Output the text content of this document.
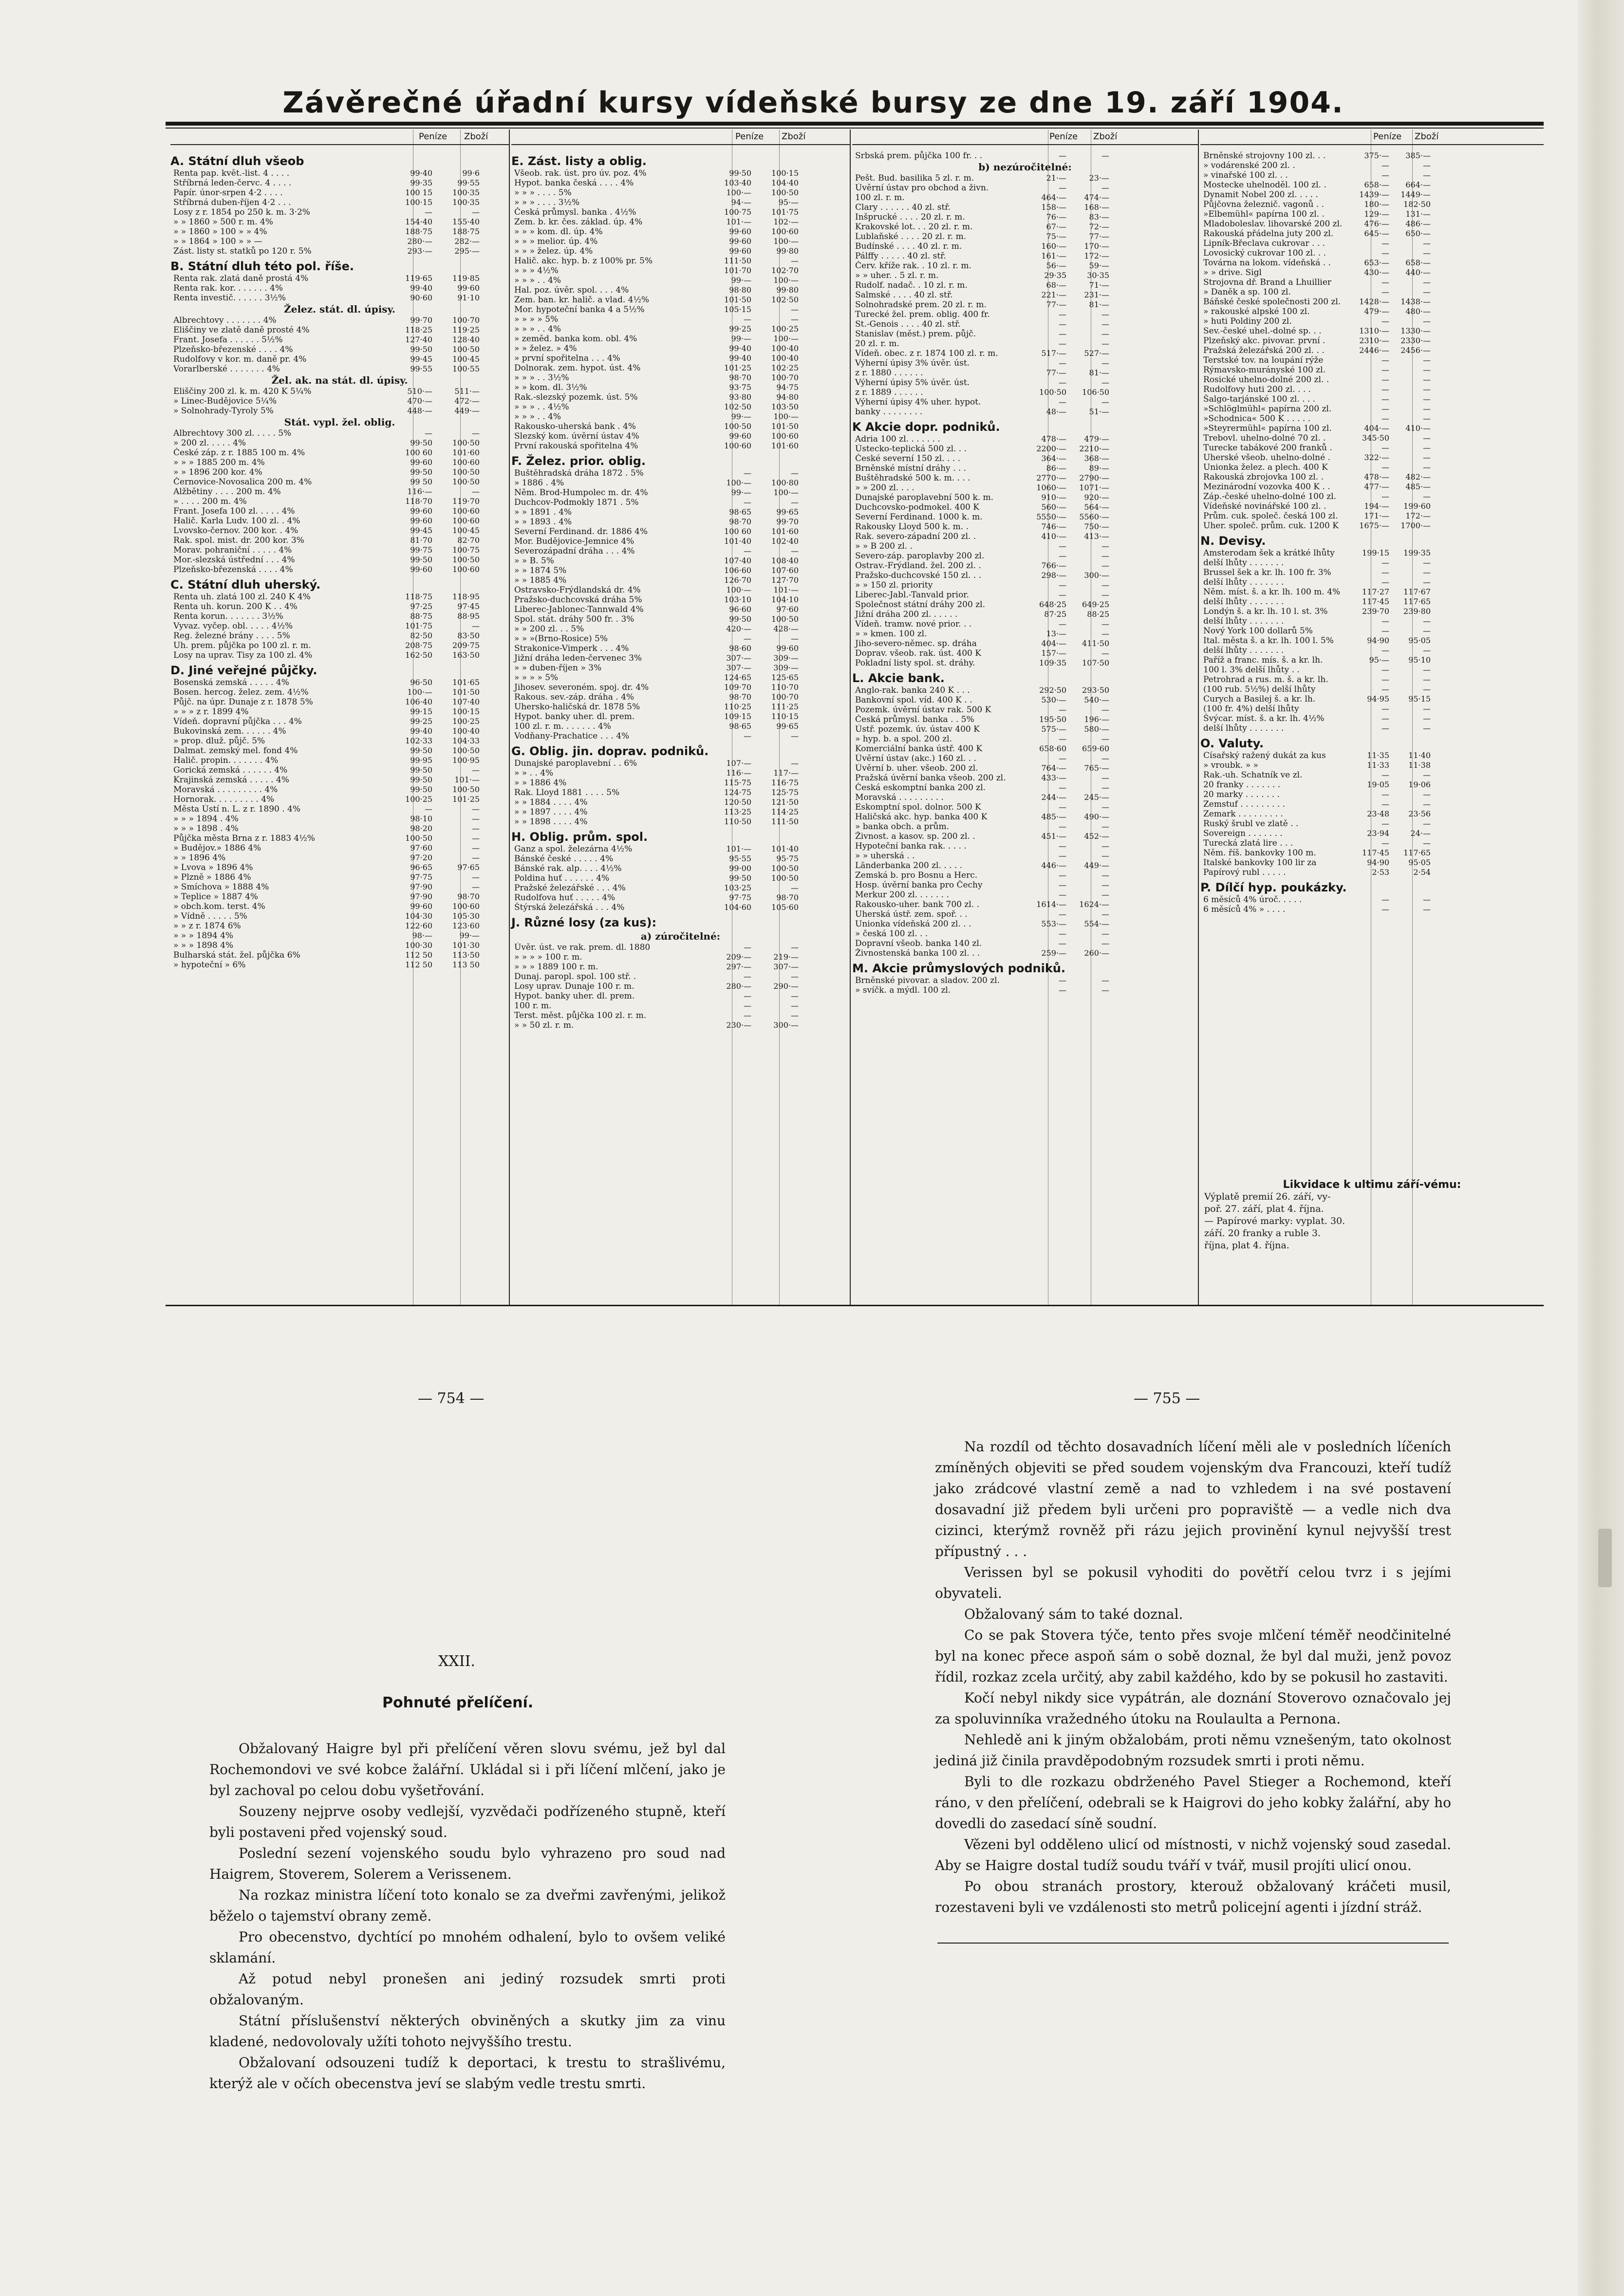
Závěrečné úřadní kursy vídeňské bursy ze dne 19. září 1904.
Peníze Zboží
A. Státní dluh všeob
Renta pap. květ.-list. 4 . . . .	99·40	99·6
Stříbrná leden-červc. 4 . . . .	99·35	99·55
Papír. únor-srpen 4·2 . . . .	100 15	100·35
Stříbrná duben-říjen 4·2 . . .	100·15	100·35
Losy z r. 1854 po 250 k. m. 3·2%	—	—
» » 1860 » 500 r. m. 4%	154·40	155·40
» » 1860 » 100 » » 4%	188·75	188·75
» » 1864 » 100 » » —	280·—	282·—
Zást. listy st. statků po 120 r. 5%	293·—	295·—
B. Státní dluh této pol. říše.
Renta rak. zlatá daně prostá 4%	119·65	119·85
Renta rak. kor. . . . . . . 4%	99·40	99·60
Renta investič. . . . . . 3½%	90·60	91·10
Želez. stát. dl. úpisy.
Albrechtovy . . . . . . . 4%	99·70	100·70
Eliščiny ve zlatě daně prosté 4%	118·25	119·25
Frant. Josefa . . . . . . 5½%	127·40	128·40
Plzeňsko-březenské . . . . 4%	99·50	100·50
Rudolfovy v kor. m. daně pr. 4%	99·45	100·45
Vorarlberské . . . . . . . 4%	99·55	100·55
Žel. ak. na stát. dl. úpisy.
Eliščiny 200 zl. k. m. 420 K 5¼%	510·—	511·—
» Linec-Budějovice 5¼%	470·—	472·—
» Solnohrady-Tyroly 5%	448·—	449·—
Stát. vypl. žel. oblig.
Albrechtovy 300 zl. . . . . 5%	—	—
» 200 zl. . . . . 4%	99·50	100·50
České záp. z r. 1885 100 m. 4%	100 60	101·60
» » » 1885 200 m. 4%	99·60	100·60
» » 1896 200 kor. 4%	99·50	100·50
Černovice-Novosalica 200 m. 4%	99 50	100·50
Alžbětiny . . . . 200 m. 4%	116·—	—
» . . . . 200 m. 4%	118·70	119·70
Frant. Josefa 100 zl. . . . . 4%	99·60	100·60
Halič. Karla Ludv. 100 zl. . 4%	99·60	100·60
Lvovsko-černov. 200 kor. . 4%	99·45	100·45
Rak. spol. mist. dr. 200 kor. 3%	81·70	82·70
Morav. pohraniční . . . . . 4%	99·75	100·75
Mor.-slezská ústřední . . . 4%	99·50	100·50
Plzeňsko-březenská . . . . 4%	99·60	100·60
C. Státní dluh uherský.
Renta uh. zlatá 100 zl. 240 K 4%	118·75	118·95
Renta uh. korun. 200 K . . 4%	97·25	97·45
Renta korun. . . . . . . 3½%	88·75	88·95
Vyvaz. vyčep. obl. . . . . 4½%	101·75	—
Reg. železné brány . . . . 5%	82·50	83·50
Uh. prem. půjčka po 100 zl. r. m.	208·75	209·75
Losy na uprav. Tisy za 100 zl. 4%	162·50	163·50
D. Jiné veřejné půjčky.
Bosenská zemská . . . . . 4%	96·50	101·65
Bosen. hercog. želez. zem. 4½%	100·—	101·50
Půjč. na úpr. Dunaje z r. 1878 5%	106·40	107·40
» » » z r. 1899 4%	99·15	100·15
Vídeň. dopravní půjčka . . . 4%	99·25	100·25
Bukovinská zem. . . . . . 4%	99·40	100·40
» prop. dluž. půjč. 5%	102·33	104·33
Dalmat. zemský mel. fond 4%	99·50	100·50
Halič. propin. . . . . . . 4%	99·95	100·95
Gorická zemská . . . . . . 4%	99·50	—
Krajinská zemská . . . . . 4%	99·50	101·—
Moravská . . . . . . . . . 4%	99·50	100·50
Hornorak. . . . . . . . . 4%	100·25	101·25
Města Ústí n. L. z r. 1890 . 4%	—	—
» » » 1894 . 4%	98·10	—
» » » 1898 . 4%	98·20	—
Půjčka města Brna z r. 1883 4½%	100·50	—
» Budějov.» 1886 4%	97·60	—
» » 1896 4%	97·20	—
» Lvova » 1896 4%	96·65	97·65
» Plzně » 1886 4%	97·75	—
» Smíchova » 1888 4%	97·90	—
» Teplice » 1887 4%	97·90	98·70
» obch.kom. terst. 4%	99·60	100·60
» Vídně . . . . . 5%	104·30	105·30
» » z r. 1874 6%	122·60	123·60
» » » 1894 4%	98·—	99·—
» » » 1898 4%	100·30	101·30
Bulharská stát. žel. půjčka 6%	112 50	113·50
» hypoteční » 6%	112 50	113 50
Peníze Zboží
E. Zást. listy a oblig.
Všeob. rak. úst. pro úv. poz. 4%	99·50	100·15
Hypot. banka česká . . . . 4%	103·40	104·40
» » » . . . . 5%	100·—	100·50
» » » . . . . 3½%	94·—	95·—
Česká průmysl. banka . 4½%	100·75	101·75
Zem. b. kr. čes. základ. úp. 4%	101·—	102·—
» » » kom. dl. úp. 4%	99·60	100·60
» » » melior. úp. 4%	99·60	100·—
» » » želez. úp. 4%	99·60	99·80
Halič. akc. hyp. b. z 100% pr. 5%	111·50	—
» » » 4½%	101·70	102·70
» » » . . 4%	99·—	100·—
Hal. poz. úvěr. spol. . . . 4%	98·80	99·80
Zem. ban. kr. halič. a vlad. 4½%	101·50	102·50
Mor. hypoteční banka 4 a 5½%	105·15	—
» » » » 5%	—	—
» » » . . 4%	99·25	100·25
» zeměd. banka kom. obl. 4%	99·—	100·—
» » želez. » 4%	99·40	100·40
» první spořitelna . . . 4%	99·40	100·40
Dolnorak. zem. hypot. úst. 4%	101·25	102·25
» » » . . 3½%	98·70	100·70
» » kom. dl. 3½%	93·75	94·75
Rak.-slezský pozemk. úst. 5%	93·80	94·80
» » » . . 4½%	102·50	103·50
» » » . . 4%	99·—	100·—
Rakousko-uherská bank . 4%	100·50	101·50
Slezský kom. úvěrní ústav 4%	99·60	100·60
První rakouská spořitelna 4%	100·60	101·60
F. Želez. prior. oblig.
Buštěhradská dráha 1872 . 5%	—	—
» 1886 . 4%	100·—	100·80
Něm. Brod-Humpolec m. dr. 4%	99·—	100·—
Duchcov-Podmokly 1871 . 5%	—	—
» » 1891 . 4%	98·65	99·65
» » 1893 . 4%	98·70	99·70
Severní Ferdinand. dr. 1886 4%	100 60	101·60
Mor. Budějovice-Jemnice 4%	101·40	102·40
Severozápadní dráha . . . 4%	—	—
» » B. 5%	107·40	108·40
» » 1874 5%	106·60	107·60
» » 1885 4%	126·70	127·70
Ostravsko-Frýdlandská dr. 4%	100·—	101·—
Pražsko-duchcovská dráha 5%	103·10	104·10
Liberec-Jablonec-Tannwald 4%	96·60	97·60
Spol. stát. dráhy 500 fr. . 3%	99·50	100·50
» » 200 zl. . . 5%	420·—	428·—
» » »(Brno-Rosice) 5%	—	—
Strakonice-Vimperk . . . 4%	98·60	99·60
Jižní dráha leden-červenec 3%	307·—	309·—
» » duben-říjen » 3%	307·—	309·—
» » » » 5%	124·65	125·65
Jihosev. severoném. spoj. dr. 4%	109·70	110·70
Rakous. sev.-záp. dráha . 4%	98·70	100·70
Uhersko-haličská dr. 1878 5%	110·25	111·25
Hypot. banky uher. dl. prem.	109·15	110·15
100 zl. r. m. . . . . . . 4%	98·65	99·65
Vodňany-Prachatice . . . 4%	—	—
G. Oblig. jin. doprav. podniků.
Dunajské paroplavební . . 6%	107·—	—
» » . . 4%	116·—	117·—
» » 1886 4%	115·75	116·75
Rak. Lloyd 1881 . . . . 5%	124·75	125·75
» » 1884 . . . . 4%	120·50	121·50
» » 1897 . . . . 4%	113·25	114·25
» » 1898 . . . . 4%	110·50	111·50
H. Oblig. prům. spol.
Ganz a spol. železárna 4½%	101·—	101·40
Bánské české . . . . . 4%	95·55	95·75
Bánské rak. alp. . . . 4½%	99·00	100·50
Poldina huť . . . . . . 4%	99·50	100·50
Pražské železářské . . . 4%	103·25	—
Rudolfova huť . . . . . 4%	97·75	98·70
Štýrská železářská . . . 4%	104·60	105·60
J. Různé losy (za kus):
a) zúročitelné:
Úvěr. úst. ve rak. prem. dl. 1880	—	—
» » » » 100 r. m.	209·—	219·—
» » » 1889 100 r. m.	297·—	307·—
Dunaj. paropl. spol. 100 stř. .	—	—
Losy uprav. Dunaje 100 r. m.	280·—	290·—
Hypot. banky uher. dl. prem.	—	—
100 r. m.	—	—
Terst. měst. půjčka 100 zl. r. m.	—	—
» » 50 zl. r. m.	230·—	300·—
Peníze Zboží
Srbská prem. půjčka 100 fr. . .	—	—
b) nezúročitelné:
Pešt. Bud. basilika 5 zl. r. m.	21·—	23·—
Úvěrní ústav pro obchod a živn.	—	—
100 zl. r. m.	464·—	474·—
Clary . . . . . . 40 zl. stř.	158·—	168·—
Inšprucké . . . . 20 zl. r. m.	76·—	83·—
Krakovské lot. . . 20 zl. r. m.	67·—	72·—
Lublaňské . . . . 20 zl. r. m.	75·—	77·—
Budínské . . . . 40 zl. r. m.	160·—	170·—
Pálffy . . . . . 40 zl. stř.	161·—	172·—
Červ. kříže rak. . 10 zl. r. m.	56·—	59·—
» » uher. . 5 zl. r. m.	29·35	30·35
Rudolf. nadač. . 10 zl. r. m.	68·—	71·—
Salmské . . . . 40 zl. stř.	221·—	231·—
Solnohradské prem. 20 zl. r. m.	77·—	81·—
Turecké žel. prem. oblig. 400 fr.	—	—
St.-Genois . . . . 40 zl. stř.	—	—
Stanislav (měst.) prem. půjč.	—	—
20 zl. r. m.	—	—
Vídeň. obec. z r. 1874 100 zl. r. m.	517·—	527·—
Výherní úpisy 3% úvěr. úst.	—	—
z r. 1880 . . . . . .	77·—	81·—
Výherní úpisy 5% úvěr. úst.	—	—
z r. 1889 . . . . . .	100·50	106·50
Výherní úpisy 4% uher. hypot.	—	—
banky . . . . . . . .	48·—	51·—
K Akcie dopr. podniků.
Adria 100 zl. . . . . . .	478·—	479·—
Ústecko-teplická 500 zl. . .	2200·—	2210·—
České severní 150 zl. . . .	364·—	368·—
Brněnské místní dráhy . . .	86·—	89·—
Buštěhradské 500 k. m. . . .	2770·—	2790·—
» » 200 zl. . . .	1060·—	1071·—
Dunajské paroplavební 500 k. m.	910·—	920·—
Duchcovsko-podmokel. 400 K	560·—	564·—
Severní Ferdinand. 1000 k. m.	5550·—	5560·—
Rakousky Lloyd 500 k. m. .	746·—	750·—
Rak. severo-západní 200 zl. .	410·—	413·—
» » B 200 zl. .	—	—
Severo-záp. paroplavby 200 zl.	—	—
Ostrav.-Frýdland. žel. 200 zl. .	766·—	—
Pražsko-duchcovské 150 zl. . .	298·—	300·—
» » 150 zl. priority	—	—
Liberec-Jabl.-Tanvald prior.	—	—
Společnost státní dráhy 200 zl.	648·25	649·25
Jižní dráha 200 zl. . . . . .	87·25	88·25
Vídeň. tramw. nové prior. . .	—	—
» » kmen. 100 zl.	13·—	—
Jiho-severo-němec. sp. dráha	404·—	411·50
Doprav. všeob. rak. úst. 400 K	157·—	—
Pokladní listy spol. st. dráhy.	109·35	107·50
L. Akcie bank.
Anglo-rak. banka 240 K . . .	292·50	293·50
Bankovní spol. víd. 400 K . .	530·—	540·—
Pozemk. úvěrní ústav rak. 500 K	—	—
Česká průmysl. banka . . 5%	195·50	196·—
Ústř. pozemk. úv. ústav 400 K	575·—	580·—
» hyp. b. a spol. 200 zl.	—	—
Komerciální banka ústř. 400 K	658·60	659·60
Úvěrní ústav (akc.) 160 zl. . .	—	—
Úvěrní b. uher. všeob. 200 zl.	764·—	765·—
Pražská úvěrní banka všeob. 200 zl.	433·—	—
Česká eskomptní banka 200 zl.	—	—
Moravská . . . . . . . . .	244·—	245·—
Eskomptní spol. dolnor. 500 K	—	—
Haličská akc. hyp. banka 400 K	485·—	490·—
» banka obch. a prům.	—	—
Živnost. a kasov. sp. 200 zl. .	451·—	452·—
Hypoteční banka rak. . . . .	—	—
» » uherská . .	—	—
Länderbanka 200 zl. . . . .	446·—	449·—
Zemská b. pro Bosnu a Herc.	—	—
Hosp. úvěrní banka pro Čechy	—	—
Merkur 200 zl. . . . . . .	—	—
Rakousko-uher. bank 700 zl. .	1614·—	1624·—
Uherská ústř. zem. spoř. . .	—	—
Unionka vídeňská 200 zl. . .	553·—	554·—
» česká 100 zl. . .	—	—
Dopravní všeob. banka 140 zl.	—	—
Živnostenská banka 100 zl. . .	259·—	260·—
M. Akcie průmyslových podniků.
Brněnské pivovar. a sladov. 200 zl.	—	—
» svíčk. a mýdl. 100 zl.	—	—
Peníze Zboží
Brněnské strojovny 100 zl. . .	375·—	385·—
» vodárenské 200 zl. .	—	—
» vinařské 100 zl. . .	—	—
Mostecke uhelnoděl. 100 zl. .	658·—	664·—
Dynamit Nobel 200 zl. . . . .	1439·—	1449·—
Půjčovna železnič. vagonů . .	180·—	182·50
»Elbemühl« papírna 100 zl. .	129·—	131·—
Mladoboleslav. lihovarské 200 zl.	476·—	486·—
Rakouská přádelna juty 200 zl.	645·—	650·—
Lipník-Břeclava cukrovar . . .	—	—
Lovosický cukrovar 100 zl. . .	—	—
Továrna na lokom. vídeňská . .	653·—	658·—
» » drive. Sigl	430·—	440·—
Strojovna dř. Brand a Lhuillier	—	—
» Daněk a sp. 100 zl.	—	—
Báňské české společnosti 200 zl.	1428·—	1438·—
» rakouské alpské 100 zl.	479·—	480·—
» huti Poldiny 200 zl.	—	—
Sev.-české uhel.-dolné sp. . .	1310·—	1330·—
Plzeňský akc. pivovar. první .	2310·—	2330·—
Pražská železářská 200 zl. . .	2446·—	2456·—
Terstské tov. na loupání rýže	—	—
Rýmavsko-murányské 100 zl.	—	—
Rosické uhelno-dolné 200 zl. .	—	—
Rudolfovy huti 200 zl. . . .	—	—
Šalgo-tarjánské 100 zl. . . .	—	—
»Schlöglmühl« papírna 200 zl.	—	—
»Schodnica« 500 K . . . . .	—	—
»Steyrermühl« papírna 100 zl.	404·—	410·—
Trebovl. uhelno-dolné 70 zl. .	345·50	—
Turecke tabákové 200 franků .	—	—
Uherské všeob. uhelno-dolné .	322·—	—
Unionka želez. a plech. 400 K	—	—
Rakouská zbrojovka 100 zl. .	478·—	482·—
Mezinárodní vozovka 400 K . .	477·—	485·—
Záp.-české uhelno-dolné 100 zl.	—	—
Vídeňské novinářské 100 zl. .	194·—	199·60
Prům. cuk. společ. česká 100 zl.	171·—	172·—
Uher. společ. prům. cuk. 1200 K	1675·—	1700·—
N. Devisy.
Amsterodam šek a krátké lhůty	199·15	199·35
delší lhůty . . . . . . .	—	—
Brussel šek a kr. lh. 100 fr. 3%	—	—
delší lhůty . . . . . . .	—	—
Něm. míst. š. a kr. lh. 100 m. 4%	117·27	117·67
delší lhůty . . . . . . .	117·45	117·65
Londýn š. a kr. lh. 10 l. st. 3%	239·70	239·80
delší lhůty . . . . . . .	—	—
Nový York 100 dollarů 5%	—	—
Ital. města š. a kr. lh. 100 l. 5%	94·90	95·05
delší lhůty . . . . . . .	—	—
Paříž a franc. mís. š. a kr. lh.	95·—	95·10
100 l. 3% delší lhůty . .	—	—
Petrohrad a rus. m. š. a kr. lh.	—	—
(100 rub. 5½%) delší lhůty	—	—
Curych a Basilej š. a kr. lh.	94·95	95·15
(100 fr. 4%) delší lhůty	—	—
Švýcar. míst. š. a kr. lh. 4½%	—	—
delší lhůty . . . . . . .	—	—
O. Valuty.
Císařský ražený dukát za kus	11·35	11·40
» vroubk. » »	11·33	11·38
Rak.-uh. Schatník ve zl.	—	—
20 franky . . . . . . .	19·05	19·06
20 marky . . . . . . .	—	—
Zemstuf . . . . . . . . .	—	—
Zemark . . . . . . . . .	23·48	23·56
Ruský šrubl ve zlatě . .	—	—
Sovereign . . . . . . .	23·94	24·—
Turecká zlatá lire . . .	—	—
Něm. říš. bankovky 100 m.	117·45	117·65
Italské bankovky 100 lir za	94·90	95·05
Papírový rubl . . . . .	2·53	2·54
P. Dílčí hyp. poukázky.
6 měsíců 4% úroč. . . . .	—	—
6 měsíců 4% » . . . .	—	—
Likvidace k ultimu září-vému:
Výplatě premií 26. září, vy-
poř. 27. září, plat 4. října.
— Papírové marky: vyplat. 30.
září. 20 franky a ruble 3.
října, plat 4. října.
— 754 —	— 755 —
XXII.
Pohnuté přelíčení.

Obžalovaný Haigre byl při přelíčení věren slovu svému, jež byl dal Rochemondovi ve své kobce žalářní. Ukládal si i při líčení mlčení, jako je byl zachoval po celou dobu vyšetřování.

Souzeny nejprve osoby vedlejší, vyzvědači podřízeného stupně, kteří byli postaveni před vojenský soud.

Poslední sezení vojenského soudu bylo vyhrazeno pro soud nad Haigrem, Stoverem, Solerem a Verissenem.

Na rozkaz ministra líčení toto konalo se za dveřmi zavřenými, jelikož běželo o tajemství obrany země.

Pro obecenstvo, dychtící po mnohém odhalení, bylo to ovšem veliké sklamání.

Až potud nebyl pronešen ani jediný rozsudek smrti proti obžalovaným.

Státní příslušenství některých obviněných a skutky jim za vinu kladené, nedovolovaly užíti tohoto nejvyššího trestu.

Obžalovaní odsouzeni tudíž k deportaci, k trestu to strašlivému, kterýž ale v očích obecenstva jeví se slabým vedle trestu smrti.

Na rozdíl od těchto dosavadních líčení měli ale v posledních líčeních zmíněných objeviti se před soudem vojenským dva Francouzi, kteří tudíž jako zrádcové vlastní země a nad to vzhledem i na své postavení dosavadní již předem byli určeni pro popraviště — a vedle nich dva cizinci, kterýmž rovněž při rázu jejich provinění kynul nejvyšší trest přípustný . . .

Verissen byl se pokusil vyhoditi do povětří celou tvrz i s jejími obyvateli.

Obžalovaný sám to také doznal.

Co se pak Stovera týče, tento přes svoje mlčení téměř neodčinitelné byl na konec přece aspoň sám o sobě doznal, že byl dal muži, jenž povoz řídil, rozkaz zcela určitý, aby zabil každého, kdo by se pokusil ho zastaviti.

Kočí nebyl nikdy sice vypátrán, ale doznání Stoverovo označovalo jej za spoluvinníka vražedného útoku na Roulaulta a Pernona.

Nehledě ani k jiným obžalobám, proti němu vznešeným, tato okolnost jediná již činila pravděpodobným rozsudek smrti i proti němu.

Byli to dle rozkazu obdrženého Pavel Stieger a Rochemond, kteří ráno, v den přelíčení, odebrali se k Haigrovi do jeho kobky žalářní, aby ho dovedli do zasedací síně soudní.

Vězeni byl odděleno ulicí od místnosti, v nichž vojenský soud zasedal. Aby se Haigre dostal tudíž soudu tváří v tvář, musil projíti ulicí onou.

Po obou stranách prostory, kterouž obžalovaný kráčeti musil, rozestaveni byli ve vzdálenosti sto metrů policejní agenti i jízdní stráž.
